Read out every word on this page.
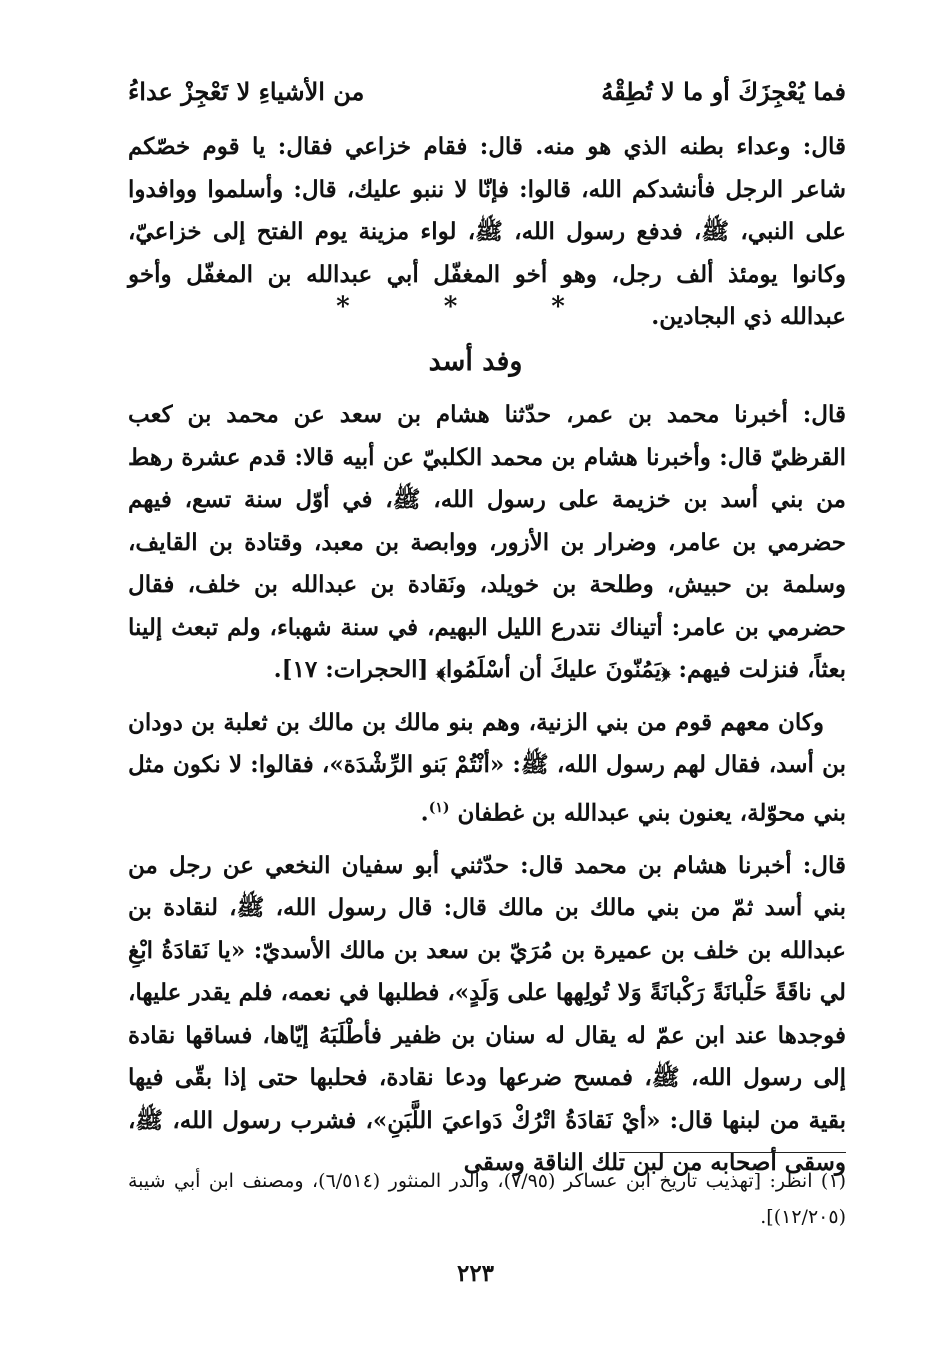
فما يُعْجِزَكَ أو ما لا تُطِقْهُ
من الأشياءِ لا تَعْجِزْ عداءُ

قال: وعداء بطنه الذي هو منه. قال: فقام خزاعي فقال: يا قوم خصّكم شاعر الرجل فأنشدكم الله، قالوا: فإنّا لا ننبو عليك، قال: وأسلموا ووافدوا على النبي، ﷺ، فدفع رسول الله، ﷺ، لواء مزينة يوم الفتح إلى خزاعيّ، وكانوا يومئذ ألف رجل، وهو أخو المغفّل أبي عبدالله بن المغفّل وأخو عبدالله ذي البجادين.

***
وفد أسد

قال: أخبرنا محمد بن عمر، حدّثنا هشام بن سعد عن محمد بن كعب القرظيّ قال: وأخبرنا هشام بن محمد الكلبيّ عن أبيه قالا: قدم عشرة رهط من بني أسد بن خزيمة على رسول الله، ﷺ، في أوّل سنة تسع، فيهم حضرمي بن عامر، وضرار بن الأزور، ووابصة بن معبد، وقتادة بن القايف، وسلمة بن حبيش، وطلحة بن خويلد، ونَقادة بن عبدالله بن خلف، فقال حضرمي بن عامر: أتيناك نتدرع الليل البهيم، في سنة شهباء، ولم تبعث إلينا بعثاً، فنزلت فيهم: ﴿يَمُنّونَ عليكَ أن أسْلَمُوا﴾ [الحجرات: ١٧].

وكان معهم قوم من بني الزنية، وهم بنو مالك بن مالك بن ثعلبة بن دودان بن أسد، فقال لهم رسول الله، ﷺ: «أنْتُمْ بَنو الرِّشْدَة»، فقالوا: لا نكون مثل بني محوّلة، يعنون بني عبدالله بن غطفان $^{(١)}$.

قال: أخبرنا هشام بن محمد قال: حدّثني أبو سفيان النخعي عن رجل من بني أسد ثمّ من بني مالك بن مالك قال: قال رسول الله، ﷺ، لنقادة بن عبدالله بن خلف بن عميرة بن مُرَيّ بن سعد بن مالك الأسديّ: «يا نَقادَةُ ابْغِ لي ناقَةً حَلْبانَةً رَكْبانَةً وَلا تُولِهها على وَلَدٍ»، فطلبها في نعمه، فلم يقدر عليها، فوجدها عند ابن عمّ له يقال له سنان بن ظفير فأطْلَبَهُ إيّاها، فساقها نقادة إلى رسول الله، ﷺ، فمسح ضرعها ودعا نقادة، فحلبها حتى إذا بقّى فيها بقية من لبنها قال: «أيْ نَقادَةُ اتْرُكْ دَواعيَ اللَّبَنِ»، فشرب رسول الله، ﷺ، وسقى أصحابه من لبن تلك الناقة وسقى

(١) انظر: [تهذيب تاريخ ابن عساكر (٧/٩٥)، والدر المنثور (٦/٥١٤)، ومصنف ابن أبي شيبة (١٢/٢٠٥)].
٢٢٣
